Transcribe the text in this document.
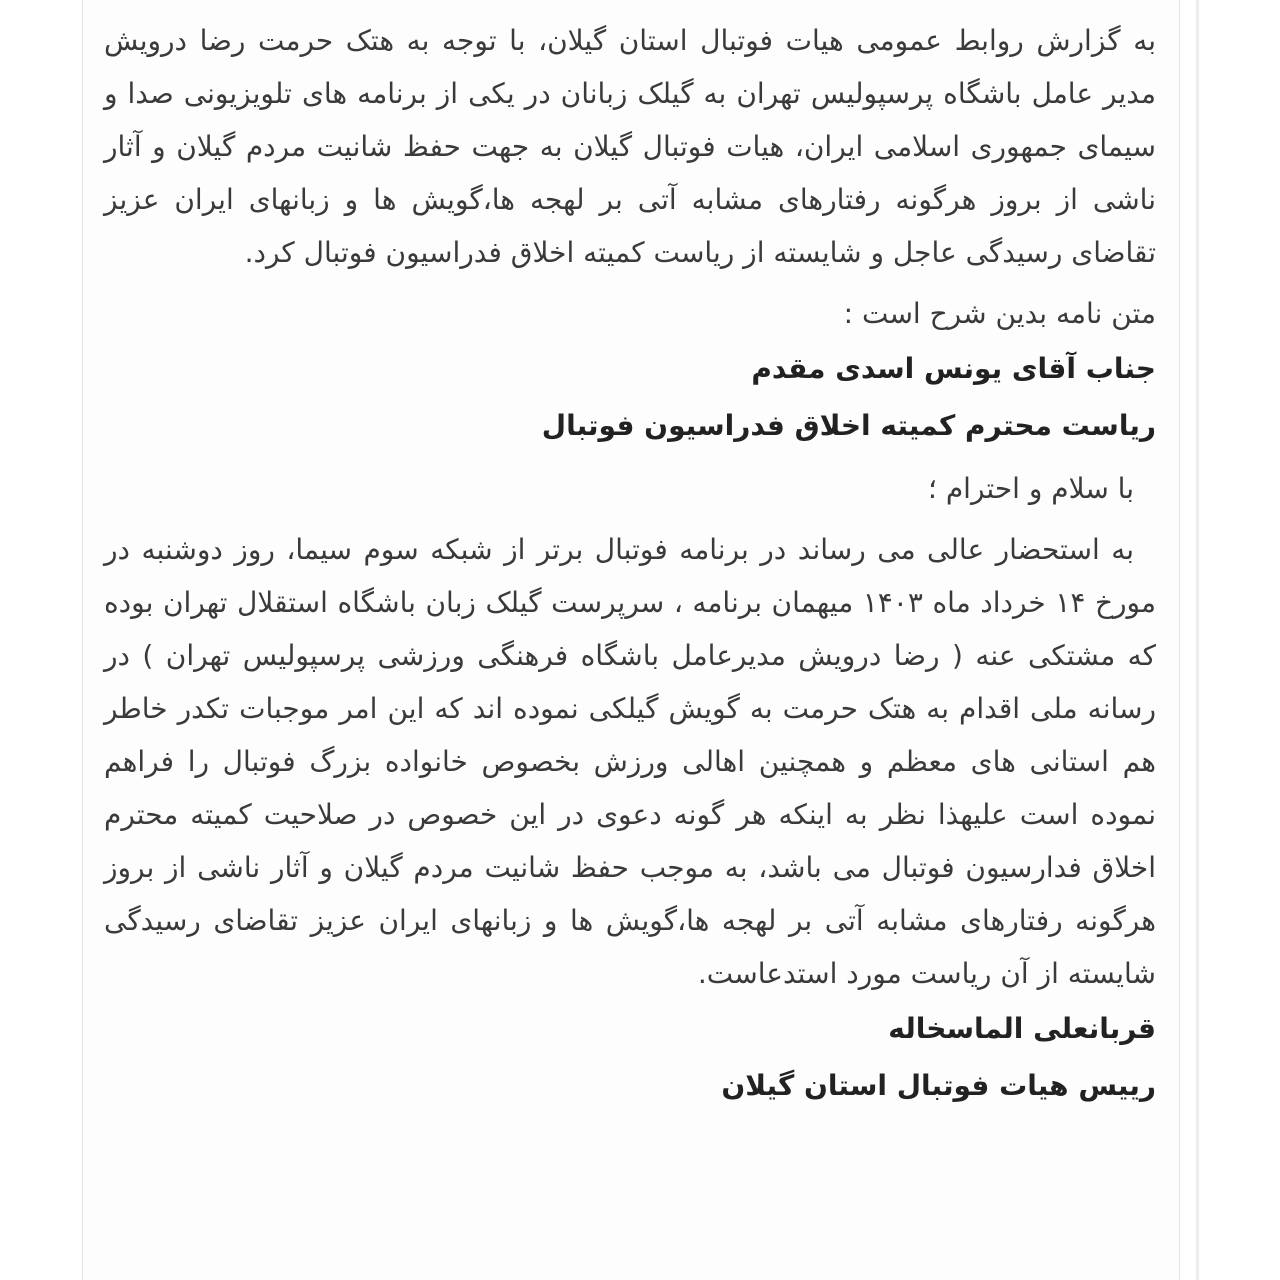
به گزارش روابط عمومی هیات فوتبال استان گیلان، با توجه به هتک حرمت رضا درویش مدیر عامل باشگاه پرسپولیس تهران به گیلک زبانان در یکی از برنامه های تلویزیونی صدا و سیمای جمهوری اسلامی ایران، هیات فوتبال گیلان به جهت حفظ شانیت مردم گیلان و آثار ناشی از بروز هرگونه رفتارهای مشابه آتی بر لهجه ها،گویش ها و زبانهای ایران عزیز تقاضای رسیدگی عاجل و شایسته از ریاست کمیته اخلاق فدراسیون فوتبال کرد.

متن نامه بدین شرح است :

جناب آقای یونس اسدی مقدم

ریاست محترم کمیته اخلاق فدراسیون فوتبال

با سلام و احترام ؛

به استحضار عالی می رساند در برنامه فوتبال برتر از شبکه سوم سیما، روز دوشنبه در مورخ ۱۴ خرداد ماه ۱۴۰۳ میهمان برنامه ، سرپرست گیلک زبان باشگاه استقلال تهران بوده که مشتکی عنه ( رضا درویش مدیرعامل باشگاه فرهنگی ورزشی پرسپولیس تهران ) در رسانه ملی اقدام به هتک حرمت به گویش گیلکی نموده اند که این امر موجبات تکدر خاطر هم استانی های معظم و همچنین اهالی ورزش بخصوص خانواده بزرگ فوتبال را فراهم نموده است علیهذا نظر به اینکه هر گونه دعوی در این خصوص در صلاحیت کمیته محترم اخلاق فدارسیون فوتبال می باشد، به موجب حفظ شانیت مردم گیلان و آثار ناشی از بروز هرگونه رفتارهای مشابه آتی بر لهجه ها،گویش ها و زبانهای ایران عزیز تقاضای رسیدگی شایسته از آن ریاست مورد استدعاست.

قربانعلی الماسخاله

رییس هیات فوتبال استان گیلان
